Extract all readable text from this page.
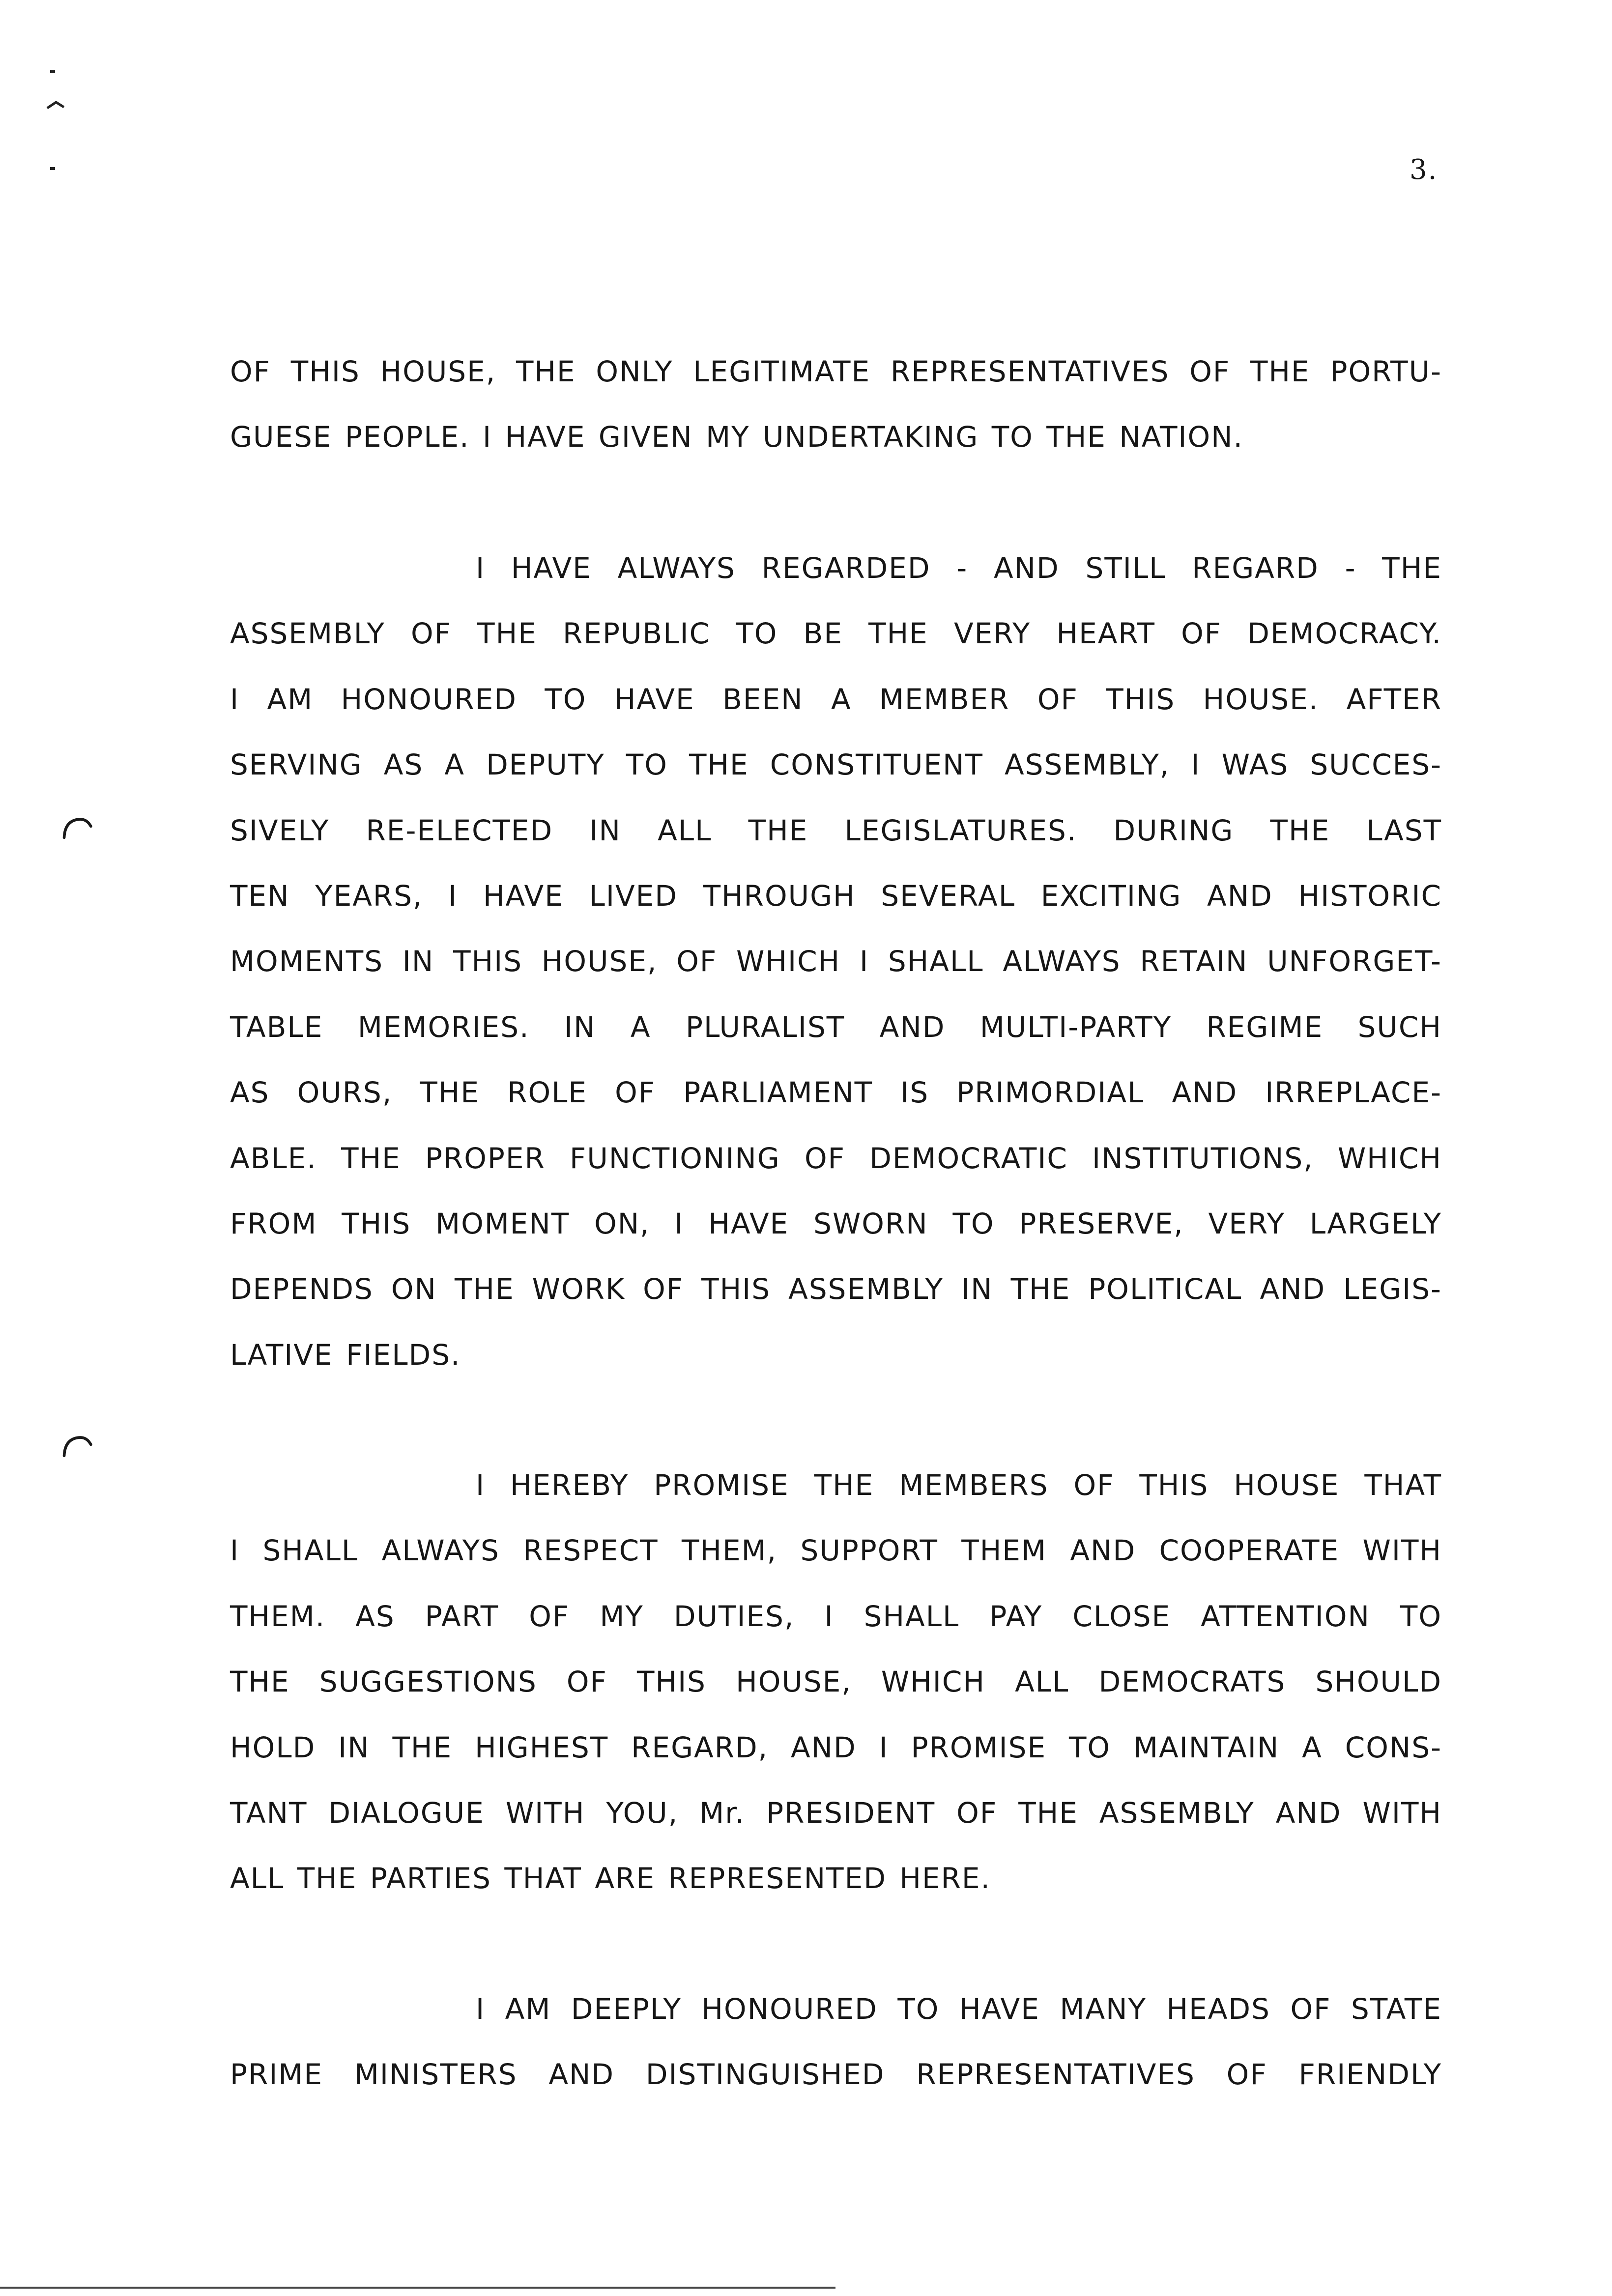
3.
OF THIS HOUSE, THE ONLY LEGITIMATE REPRESENTATIVES OF THE PORTU-
GUESE PEOPLE. I HAVE GIVEN MY UNDERTAKING TO THE NATION.
I HAVE ALWAYS REGARDED - AND STILL REGARD - THE
ASSEMBLY OF THE REPUBLIC TO BE THE VERY HEART OF DEMOCRACY.
I AM HONOURED TO HAVE BEEN A MEMBER OF THIS HOUSE. AFTER
SERVING AS A DEPUTY TO THE CONSTITUENT ASSEMBLY, I WAS SUCCES-
SIVELY RE-ELECTED IN ALL THE LEGISLATURES. DURING THE LAST
TEN YEARS, I HAVE LIVED THROUGH SEVERAL EXCITING AND HISTORIC
MOMENTS IN THIS HOUSE, OF WHICH I SHALL ALWAYS RETAIN UNFORGET-
TABLE MEMORIES. IN A PLURALIST AND MULTI-PARTY REGIME SUCH
AS OURS, THE ROLE OF PARLIAMENT IS PRIMORDIAL AND IRREPLACE-
ABLE. THE PROPER FUNCTIONING OF DEMOCRATIC INSTITUTIONS, WHICH
FROM THIS MOMENT ON, I HAVE SWORN TO PRESERVE, VERY LARGELY
DEPENDS ON THE WORK OF THIS ASSEMBLY IN THE POLITICAL AND LEGIS-
LATIVE FIELDS.
I HEREBY PROMISE THE MEMBERS OF THIS HOUSE THAT
I SHALL ALWAYS RESPECT THEM, SUPPORT THEM AND COOPERATE WITH
THEM. AS PART OF MY DUTIES, I SHALL PAY CLOSE ATTENTION TO
THE SUGGESTIONS OF THIS HOUSE, WHICH ALL DEMOCRATS SHOULD
HOLD IN THE HIGHEST REGARD, AND I PROMISE TO MAINTAIN A CONS-
TANT DIALOGUE WITH YOU, Mr. PRESIDENT OF THE ASSEMBLY AND WITH
ALL THE PARTIES THAT ARE REPRESENTED HERE.
I AM DEEPLY HONOURED TO HAVE MANY HEADS OF STATE
PRIME MINISTERS AND DISTINGUISHED REPRESENTATIVES OF FRIENDLY
